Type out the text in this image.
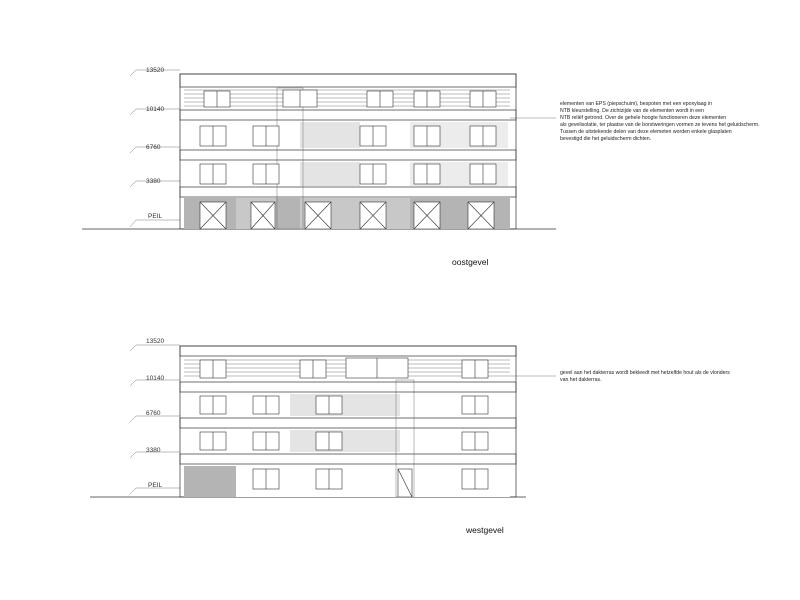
13520
10140
6760
3380
PEIL
elementen van EPS (piepschuim), bespoten met een epoxylaag in
NTB kleurstelling. De zichtzijde van de elementen wordt in een
NTB reliëf getrond. Over de gehele hoogte functioneren deze elementen
als gevelisolatie, ter plaatse van de borstweringen vormen ze tevens het geluidscherm.
Tussen de uitstekende delen van deze elemeten worden enkele glasplaten
bevestigd die het geluidscherm dichten.
oostgevel
13520
10140
6760
3380
PEIL
gevel aan het dakterras wordt bekleedt met hetzelfde hout als de vlonders
van het dakterras.
westgevel
